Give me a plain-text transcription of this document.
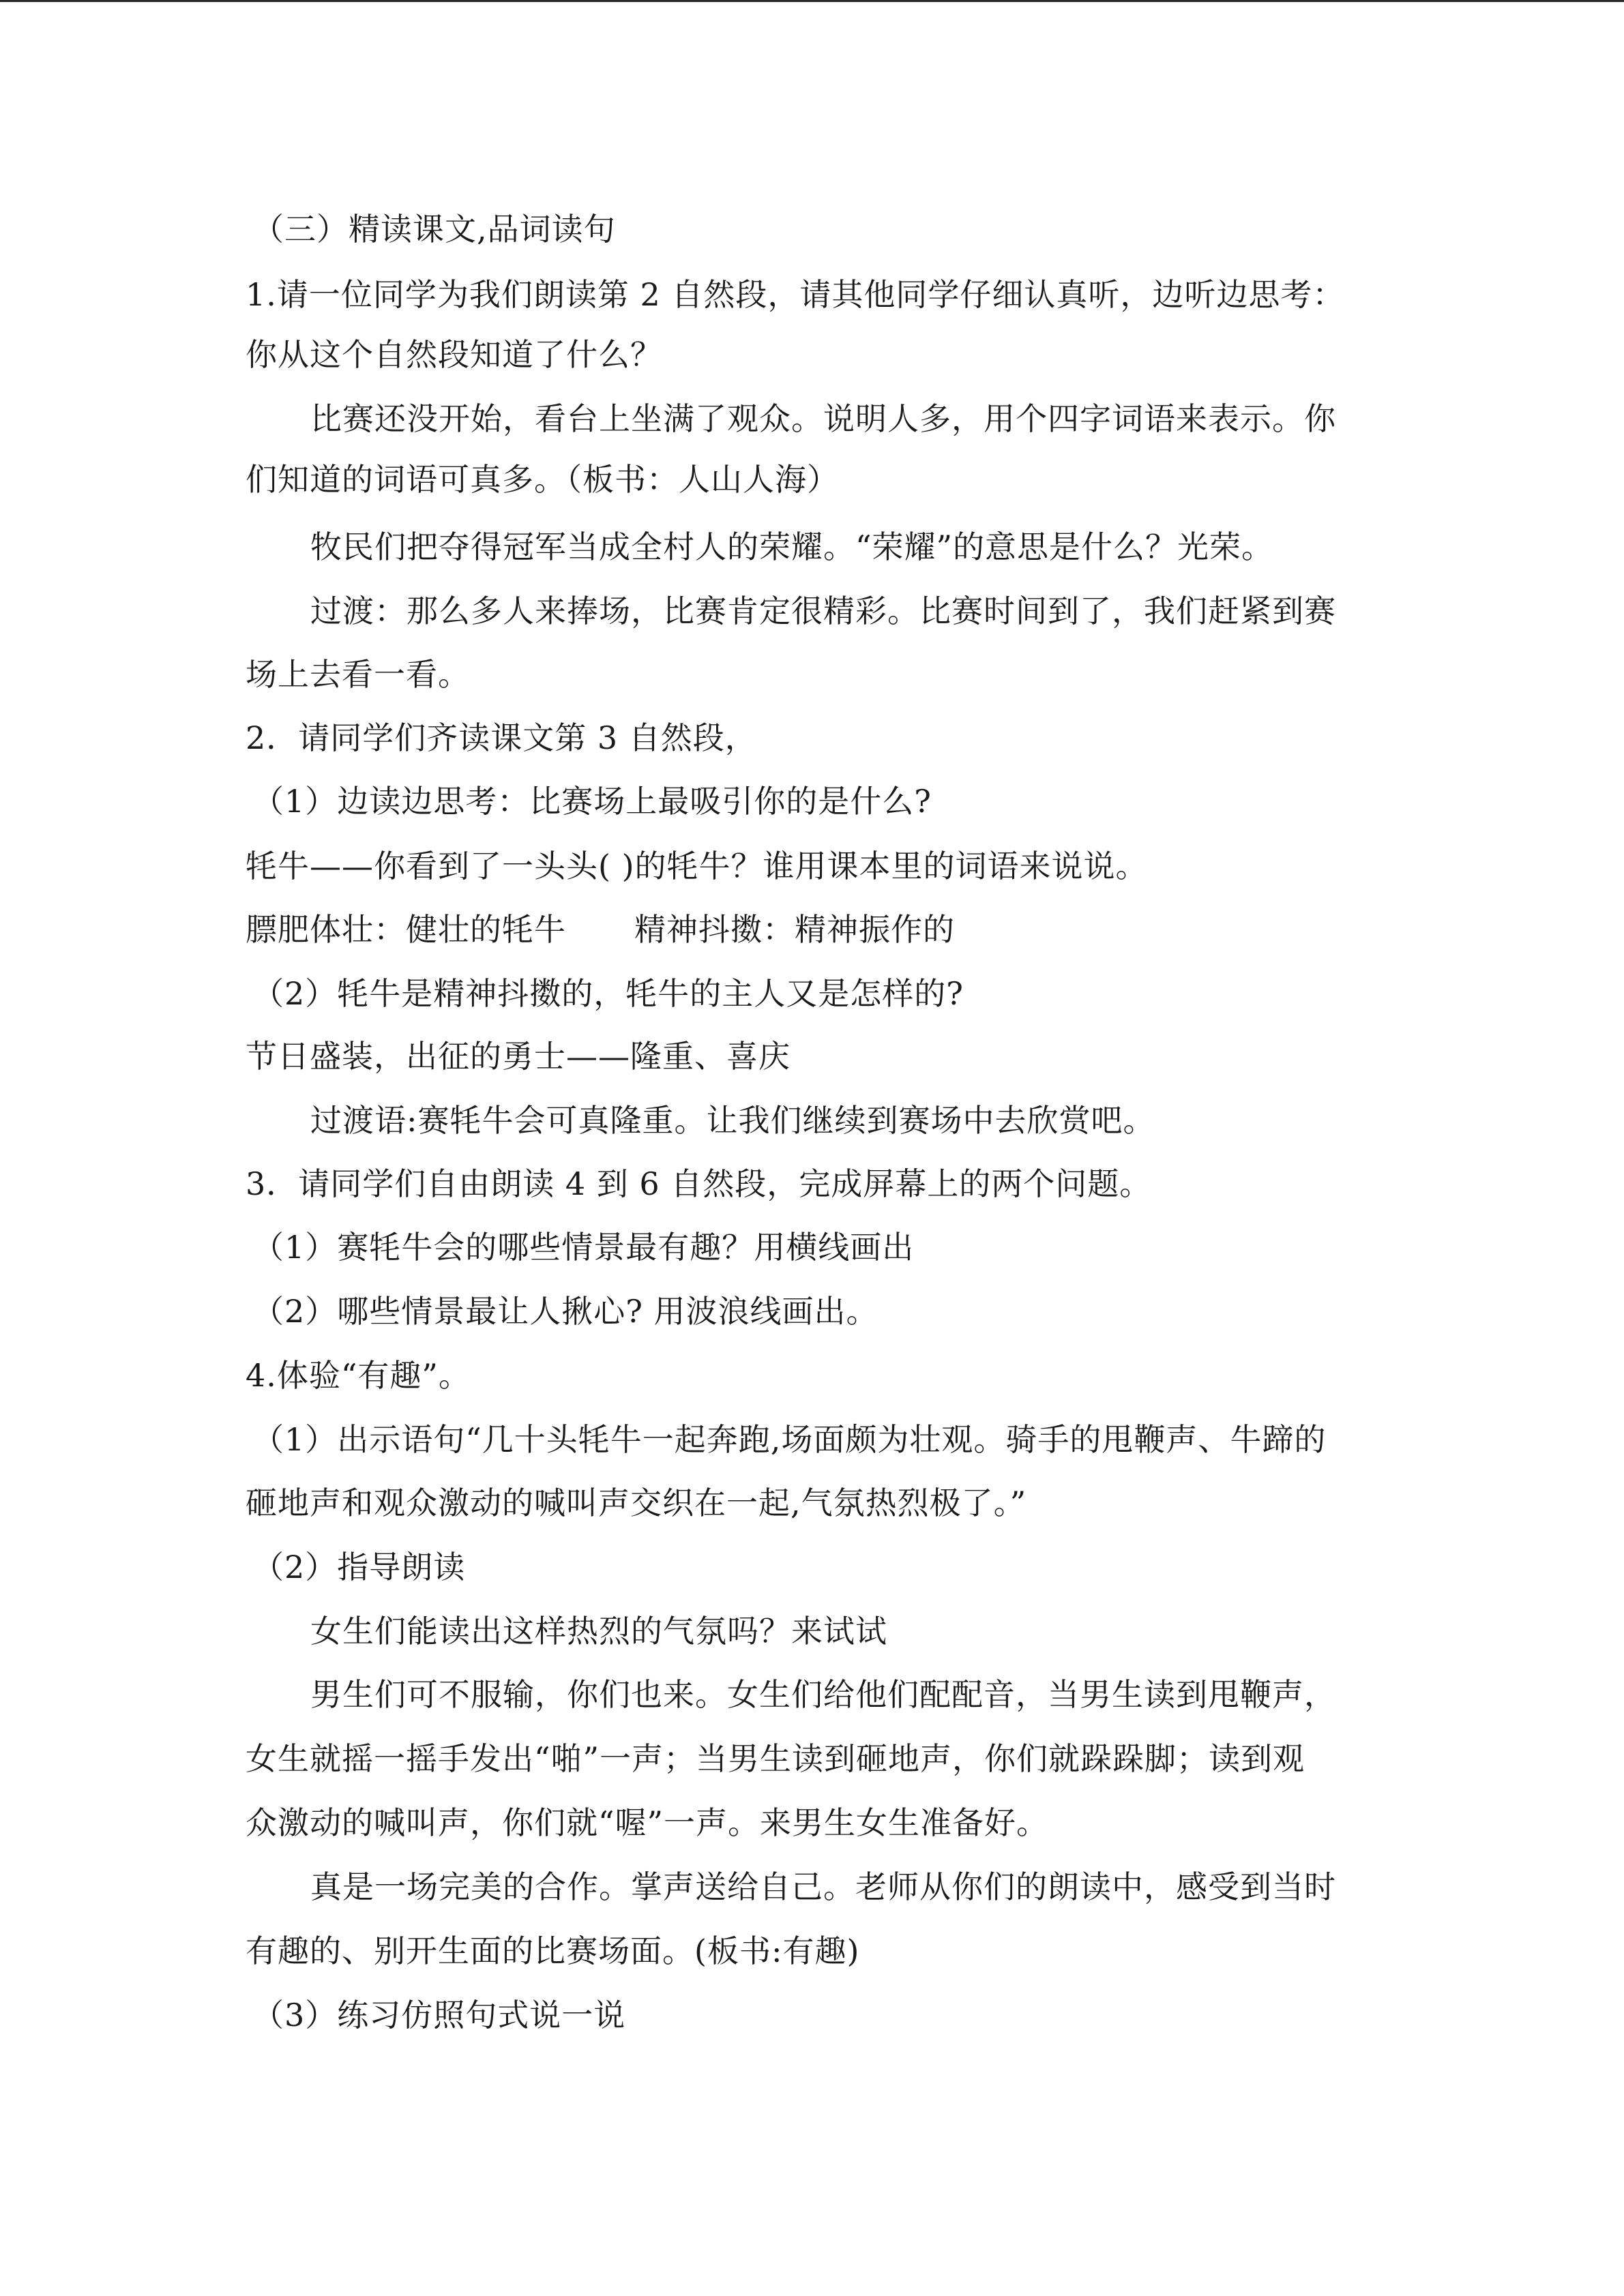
（三）精读课文,品词读句
1.请一位同学为我们朗读第 2 自然段，请其他同学仔细认真听，边听边思考：
你从这个自然段知道了什么？
比赛还没开始，看台上坐满了观众。说明人多，用个四字词语来表示。你
们知道的词语可真多。（板书：人山人海）
牧民们把夺得冠军当成全村人的荣耀。“荣耀”的意思是什么？光荣。
过渡：那么多人来捧场，比赛肯定很精彩。比赛时间到了，我们赶紧到赛
场上去看一看。
2．请同学们齐读课文第 3 自然段，
（1）边读边思考：比赛场上最吸引你的是什么?
牦牛——你看到了一头头( )的牦牛？谁用课本里的词语来说说。
膘肥体壮：健壮的牦牛 精神抖擞：精神振作的
（2）牦牛是精神抖擞的，牦牛的主人又是怎样的?
节日盛装，出征的勇士——隆重、喜庆
过渡语:赛牦牛会可真隆重。让我们继续到赛场中去欣赏吧。
3．请同学们自由朗读 4 到 6 自然段，完成屏幕上的两个问题。
（1）赛牦牛会的哪些情景最有趣？用横线画出
（2）哪些情景最让人揪心? 用波浪线画出。
4.体验“有趣”。
（1）出示语句“几十头牦牛一起奔跑,场面颇为壮观。骑手的甩鞭声、牛蹄的
砸地声和观众激动的喊叫声交织在一起,气氛热烈极了。”
（2）指导朗读
女生们能读出这样热烈的气氛吗？来试试
男生们可不服输，你们也来。女生们给他们配配音，当男生读到甩鞭声，
女生就摇一摇手发出“啪”一声；当男生读到砸地声，你们就跺跺脚；读到观
众激动的喊叫声，你们就“喔”一声。来男生女生准备好。
真是一场完美的合作。掌声送给自己。老师从你们的朗读中，感受到当时
有趣的、别开生面的比赛场面。(板书:有趣)
（3）练习仿照句式说一说
